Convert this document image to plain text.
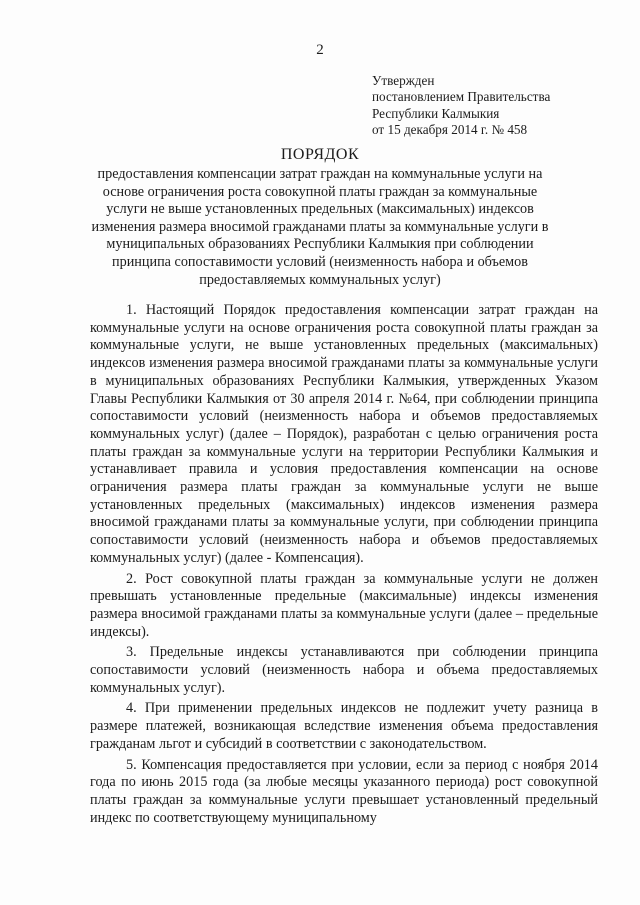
2
Утвержден
постановлением Правительства
Республики Калмыкия
от 15 декабря 2014 г. № 458
ПОРЯДОК
предоставления компенсации затрат граждан на коммунальные услуги на
основе ограничения роста совокупной платы граждан за коммунальные
услуги не выше установленных предельных (максимальных) индексов
изменения размера вносимой гражданами платы за коммунальные услуги в
муниципальных образованиях Республики Калмыкия при соблюдении
принципа сопоставимости условий (неизменность набора и объемов
предоставляемых коммунальных услуг)

1. Настоящий Порядок предоставления компенсации затрат граждан на коммунальные услуги на основе ограничения роста совокупной платы граждан за коммунальные услуги, не выше установленных предельных (максимальных) индексов изменения размера вносимой гражданами платы за коммунальные услуги в муниципальных образованиях Республики Калмыкия, утвержденных Указом Главы Республики Калмыкия от 30 апреля 2014 г. №64, при соблюдении принципа сопоставимости условий (неизменность набора и объемов предоставляемых коммунальных услуг) (далее – Порядок), разработан с целью ограничения роста платы граждан за коммунальные услуги на территории Республики Калмыкия и устанавливает правила и условия предоставления компенсации на основе ограничения размера платы граждан за коммунальные услуги не выше установленных предельных (максимальных) индексов изменения размера вносимой гражданами платы за коммунальные услуги, при соблюдении принципа сопоставимости условий (неизменность набора и объемов предоставляемых коммунальных услуг) (далее - Компенсация).

2. Рост совокупной платы граждан за коммунальные услуги не должен превышать установленные предельные (максимальные) индексы изменения размера вносимой гражданами платы за коммунальные услуги (далее – предельные индексы).

3. Предельные индексы устанавливаются при соблюдении принципа сопоставимости условий (неизменность набора и объема предоставляемых коммунальных услуг).

4. При применении предельных индексов не подлежит учету разница в размере платежей, возникающая вследствие изменения объема предоставления гражданам льгот и субсидий в соответствии с законодательством.

5. Компенсация предоставляется при условии, если за период с ноября 2014 года по июнь 2015 года (за любые месяцы указанного периода) рост совокупной платы граждан за коммунальные услуги превышает установленный предельный индекс по соответствующему муниципальному
